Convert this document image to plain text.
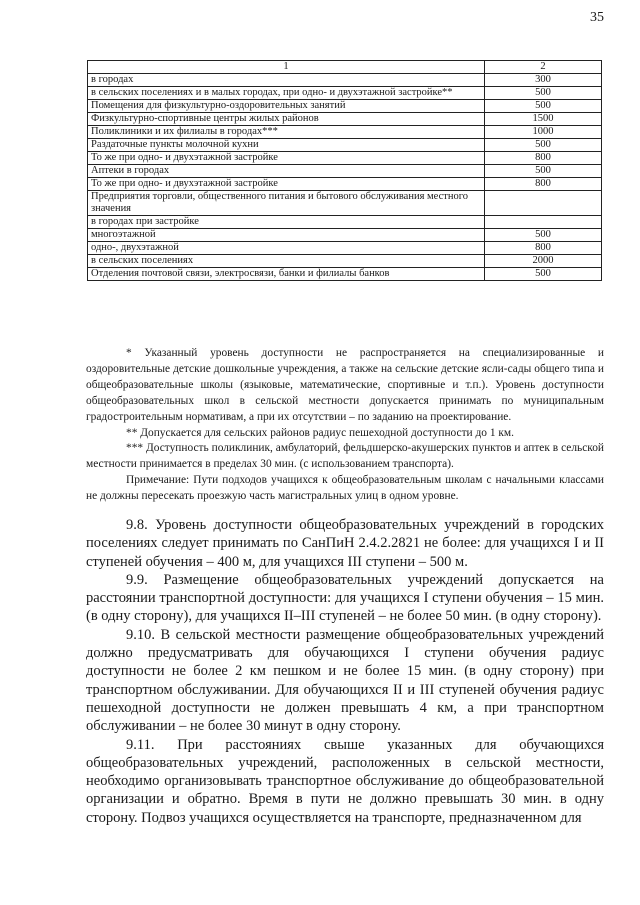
35
1	2
в городах	300
в сельских поселениях и в малых городах, при одно- и двухэтажной застройке**	500
Помещения для физкультурно-оздоровительных занятий	500
Физкультурно-спортивные центры жилых районов	1500
Поликлиники и их филиалы в городах***	1000
Раздаточные пункты молочной кухни	500
То же при одно- и двухэтажной застройке	800
Аптеки в городах	500
То же при одно- и двухэтажной застройке	800
Предприятия торговли, общественного питания и бытового обслуживания местного значения	
в городах при застройке	
многоэтажной	500
одно-, двухэтажной	800
в сельских поселениях	2000
Отделения почтовой связи, электросвязи, банки и филиалы банков	500

* Указанный уровень доступности не распространяется на специализированные и оздоровительные детские дошкольные учреждения, а также на сельские детские ясли-сады общего типа и общеобразовательные школы (языковые, математические, спортивные и т.п.). Уровень доступности общеобразовательных школ в сельской местности допускается принимать по муниципальным градостроительным нормативам, а при их отсутствии – по заданию на проектирование.

** Допускается для сельских районов радиус пешеходной доступности до 1 км.

*** Доступность поликлиник, амбулаторий, фельдшерско-акушерских пунктов и аптек в сельской местности принимается в пределах 30 мин. (с использованием транспорта).

Примечание: Пути подходов учащихся к общеобразовательным школам с начальными классами не должны пересекать проезжую часть магистральных улиц в одном уровне.

9.8. Уровень доступности общеобразовательных учреждений в городских поселениях следует принимать по СанПиН 2.4.2.2821 не более: для учащихся I и II ступеней обучения – 400 м, для учащихся III ступени – 500 м.

9.9. Размещение общеобразовательных учреждений допускается на расстоянии транспортной доступности: для учащихся I ступени обучения – 15 мин. (в одну сторону), для учащихся II–III ступеней – не более 50 мин. (в одну сторону).

9.10. В сельской местности размещение общеобразовательных учреждений должно предусматривать для обучающихся I ступени обучения радиус доступности не более 2 км пешком и не более 15 мин. (в одну сторону) при транспортном обслуживании. Для обучающихся II и III ступеней обучения радиус пешеходной доступности не должен превышать 4 км, а при транспортном обслуживании – не более 30 минут в одну сторону.

9.11. При расстояниях свыше указанных для обучающихся общеобразовательных учреждений, расположенных в сельской местности, необходимо организовывать транспортное обслуживание до общеобразовательной организации и обратно. Время в пути не должно превышать 30 мин. в одну сторону. Подвоз учащихся осуществляется на транспорте, предназначенном для
